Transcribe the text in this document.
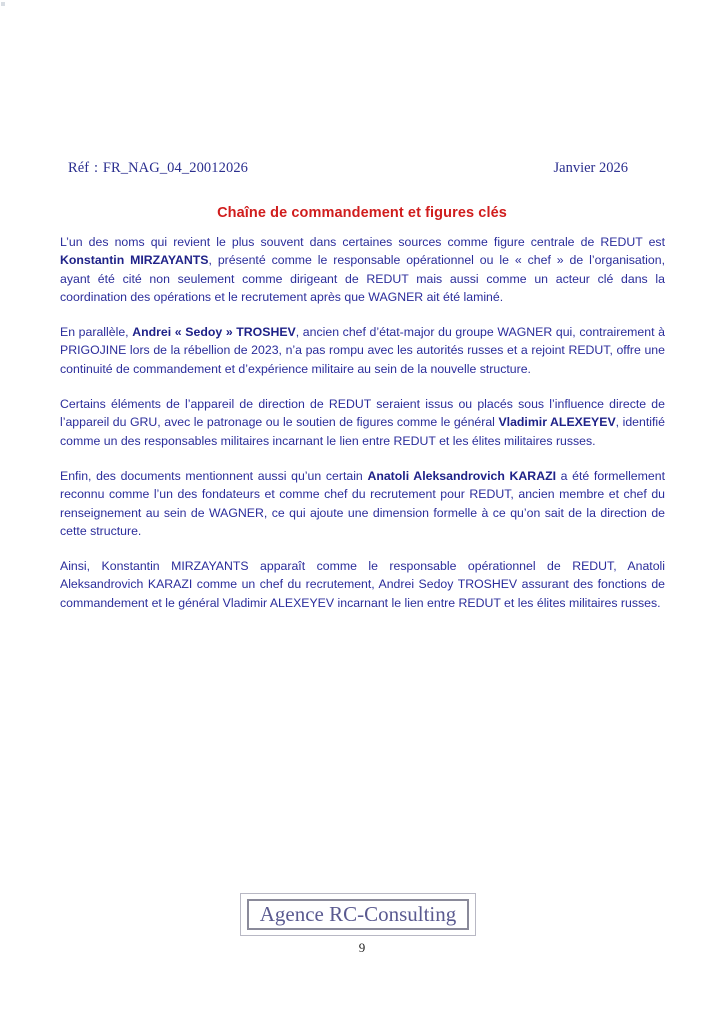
Réf : FR_NAG_04_20012026	Janvier 2026
Chaîne de commandement et figures clés

L’un des noms qui revient le plus souvent dans certaines sources comme figure centrale de REDUT est Konstantin MIRZAYANTS, présenté comme le responsable opérationnel ou le « chef » de l’organisation, ayant été cité non seulement comme dirigeant de REDUT mais aussi comme un acteur clé dans la coordination des opérations et le recrutement après que WAGNER ait été laminé.

En parallèle, Andrei « Sedoy » TROSHEV, ancien chef d’état-major du groupe WAGNER qui, contrairement à PRIGOJINE lors de la rébellion de 2023, n’a pas rompu avec les autorités russes et a rejoint REDUT, offre une continuité de commandement et d’expérience militaire au sein de la nouvelle structure.

Certains éléments de l’appareil de direction de REDUT seraient issus ou placés sous l’influence directe de l’appareil du GRU, avec le patronage ou le soutien de figures comme le général Vladimir ALEXEYEV, identifié comme un des responsables militaires incarnant le lien entre REDUT et les élites militaires russes.

Enfin, des documents mentionnent aussi qu’un certain Anatoli Aleksandrovich KARAZI a été formellement reconnu comme l’un des fondateurs et comme chef du recrutement pour REDUT, ancien membre et chef du renseignement au sein de WAGNER, ce qui ajoute une dimension formelle à ce qu’on sait de la direction de cette structure.

Ainsi, Konstantin MIRZAYANTS apparaît comme le responsable opérationnel de REDUT, Anatoli Aleksandrovich KARAZI comme un chef du recrutement, Andrei Sedoy TROSHEV assurant des fonctions de commandement et le général Vladimir ALEXEYEV incarnant le lien entre REDUT et les élites militaires russes.

Agence RC-Consulting
9
